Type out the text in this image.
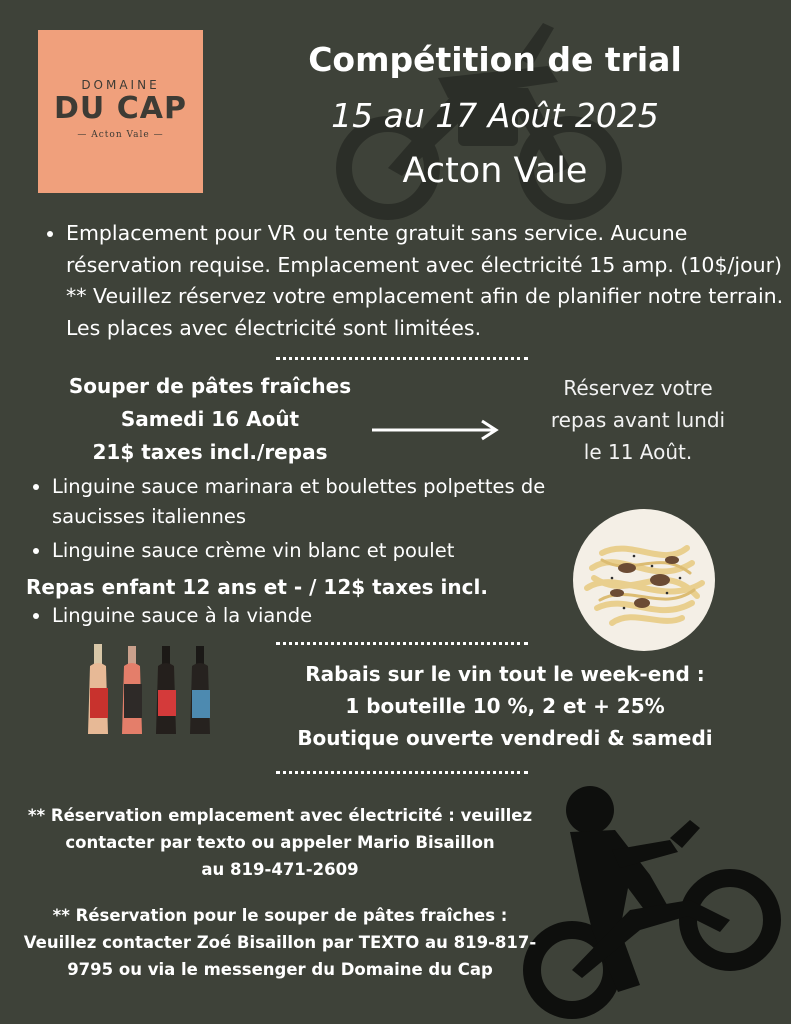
DOMAINE
DU CAP
— Acton Vale —
Compétition de trial
15 au 17 Août 2025
Acton Vale
• Emplacement pour VR ou tente gratuit sans service. Aucune réservation requise. Emplacement avec électricité 15 amp. (10$/jour) ** Veuillez réservez votre emplacement afin de planifier notre terrain. Les places avec électricité sont limitées.
Souper de pâtes fraîches
Samedi 16 Août
21$ taxes incl./repas
Réservez votre
repas avant lundi
le 11 Août.
• Linguine sauce marinara et boulettes polpettes de saucisses italiennes
• Linguine sauce crème vin blanc et poulet
Repas enfant 12 ans et - / 12$ taxes incl.
• Linguine sauce à la viande
Rabais sur le vin tout le week-end :
1 bouteille 10 %, 2 et + 25%
Boutique ouverte vendredi & samedi
** Réservation emplacement avec électricité : veuillez
contacter par texto ou appeler Mario Bisaillon
au 819-471-2609
** Réservation pour le souper de pâtes fraîches :
Veuillez contacter Zoé Bisaillon par TEXTO au 819-817-
9795 ou via le messenger du Domaine du Cap
